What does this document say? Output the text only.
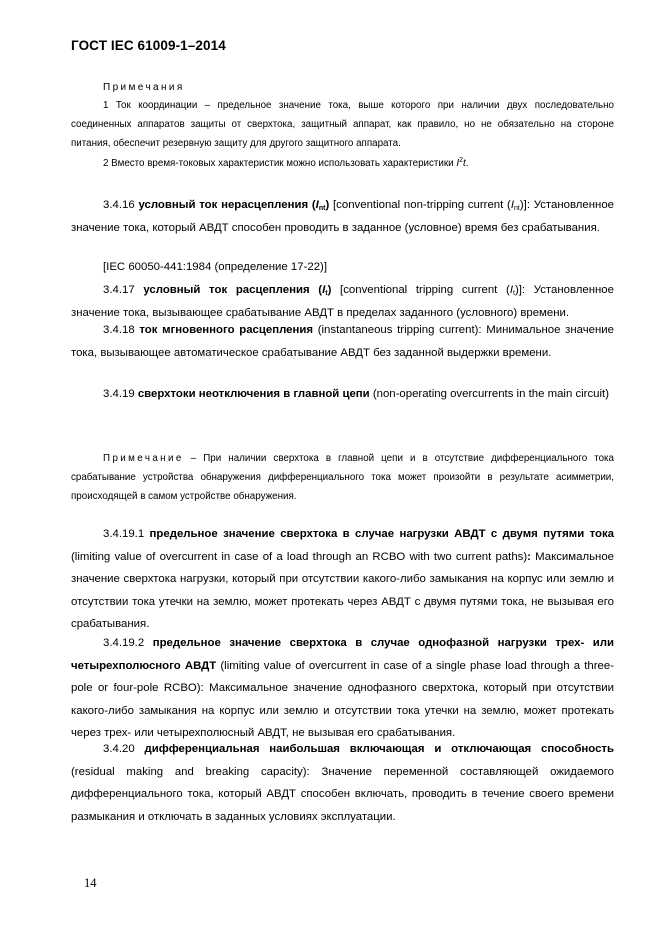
ГОСТ IEC 61009-1–2014
Примечания

1 Ток координации – предельное значение тока, выше которого при наличии двух последовательно соединенных аппаратов защиты от сверхтока, защитный аппарат, как правило, но не обязательно на стороне питания, обеспечит резервную защиту для другого защитного аппарата.

2 Вместо время-токовых характеристик можно использовать характеристики $I^2t$.

3.4.16 условный ток нерасцепления $(I_{nt})$ [conventional non-tripping current $(I_{nt})$]: Установленное значение тока, который АВДТ способен проводить в заданное (условное) время без срабатывания.

[IEC 60050-441:1984 (определение 17-22)]

3.4.17 условный ток расцепления $(I_t)$ [conventional tripping current $(I_t)$]: Установленное значение тока, вызывающее срабатывание АВДТ в пределах заданного (условного) времени.

3.4.18 ток мгновенного расцепления (instantaneous tripping current): Минимальное значение тока, вызывающее автоматическое срабатывание АВДТ без заданной выдержки времени.

3.4.19 сверхтоки неотключения в главной цепи (non-operating overcurrents in the main circuit)

Примечание – При наличии сверхтока в главной цепи и в отсутствие дифференциального тока срабатывание устройства обнаружения дифференциального тока может произойти в результате асимметрии, происходящей в самом устройстве обнаружения.

3.4.19.1 предельное значение сверхтока в случае нагрузки АВДТ с двумя путями тока (limiting value of overcurrent in case of a load through an RCBO with two current paths): Максимальное значение сверхтока нагрузки, который при отсутствии какого-либо замыкания на корпус или землю и отсутствии тока утечки на землю, может протекать через АВДТ с двумя путями тока, не вызывая его срабатывания.

3.4.19.2 предельное значение сверхтока в случае однофазной нагрузки трех- или четырехполюсного АВДТ (limiting value of overcurrent in case of a single phase load through a three-pole or four-pole RCBO): Максимальное значение однофазного сверхтока, который при отсутствии какого-либо замыкания на корпус или землю и отсутствии тока утечки на землю, может протекать через трех- или четырехполюсный АВДТ, не вызывая его срабатывания.

3.4.20 дифференциальная наибольшая включающая и отключающая способность (residual making and breaking capacity): Значение переменной составляющей ожидаемого дифференциального тока, который АВДТ способен включать, проводить в течение своего времени размыкания и отключать в заданных условиях эксплуатации.

14
